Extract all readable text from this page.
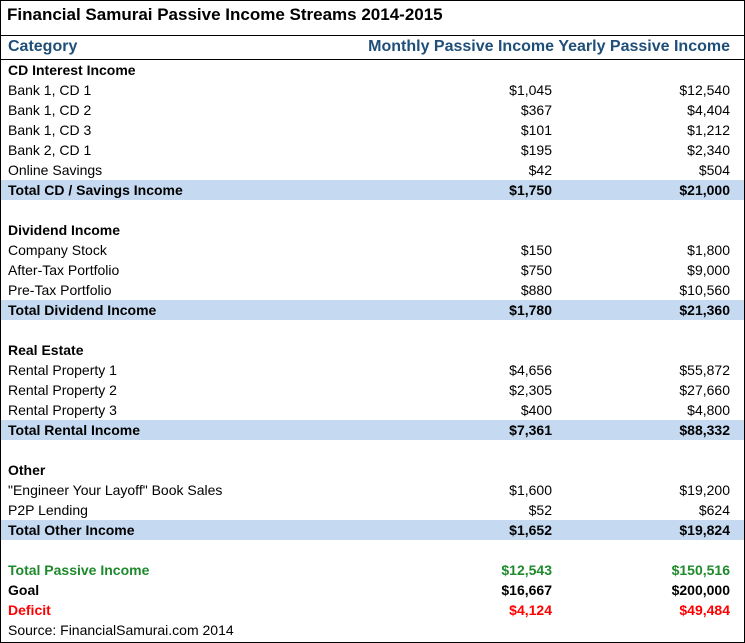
Financial Samurai Passive Income Streams 2014-2015
Category	Monthly Passive Income Yearly Passive Income
CD Interest Income
Bank 1, CD 1	$1,045	$12,540
Bank 1, CD 2	$367	$4,404
Bank 1, CD 3	$101	$1,212
Bank 2, CD 1	$195	$2,340
Online Savings	$42	$504
Total CD / Savings Income	$1,750	$21,000
Dividend Income
Company Stock	$150	$1,800
After-Tax Portfolio	$750	$9,000
Pre-Tax Portfolio	$880	$10,560
Total Dividend Income	$1,780	$21,360
Real Estate
Rental Property 1	$4,656	$55,872
Rental Property 2	$2,305	$27,660
Rental Property 3	$400	$4,800
Total Rental Income	$7,361	$88,332
Other
"Engineer Your Layoff" Book Sales	$1,600	$19,200
P2P Lending	$52	$624
Total Other Income	$1,652	$19,824
Total Passive Income	$12,543	$150,516
Goal	$16,667	$200,000
Deficit	$4,124	$49,484
Source: FinancialSamurai.com 2014
